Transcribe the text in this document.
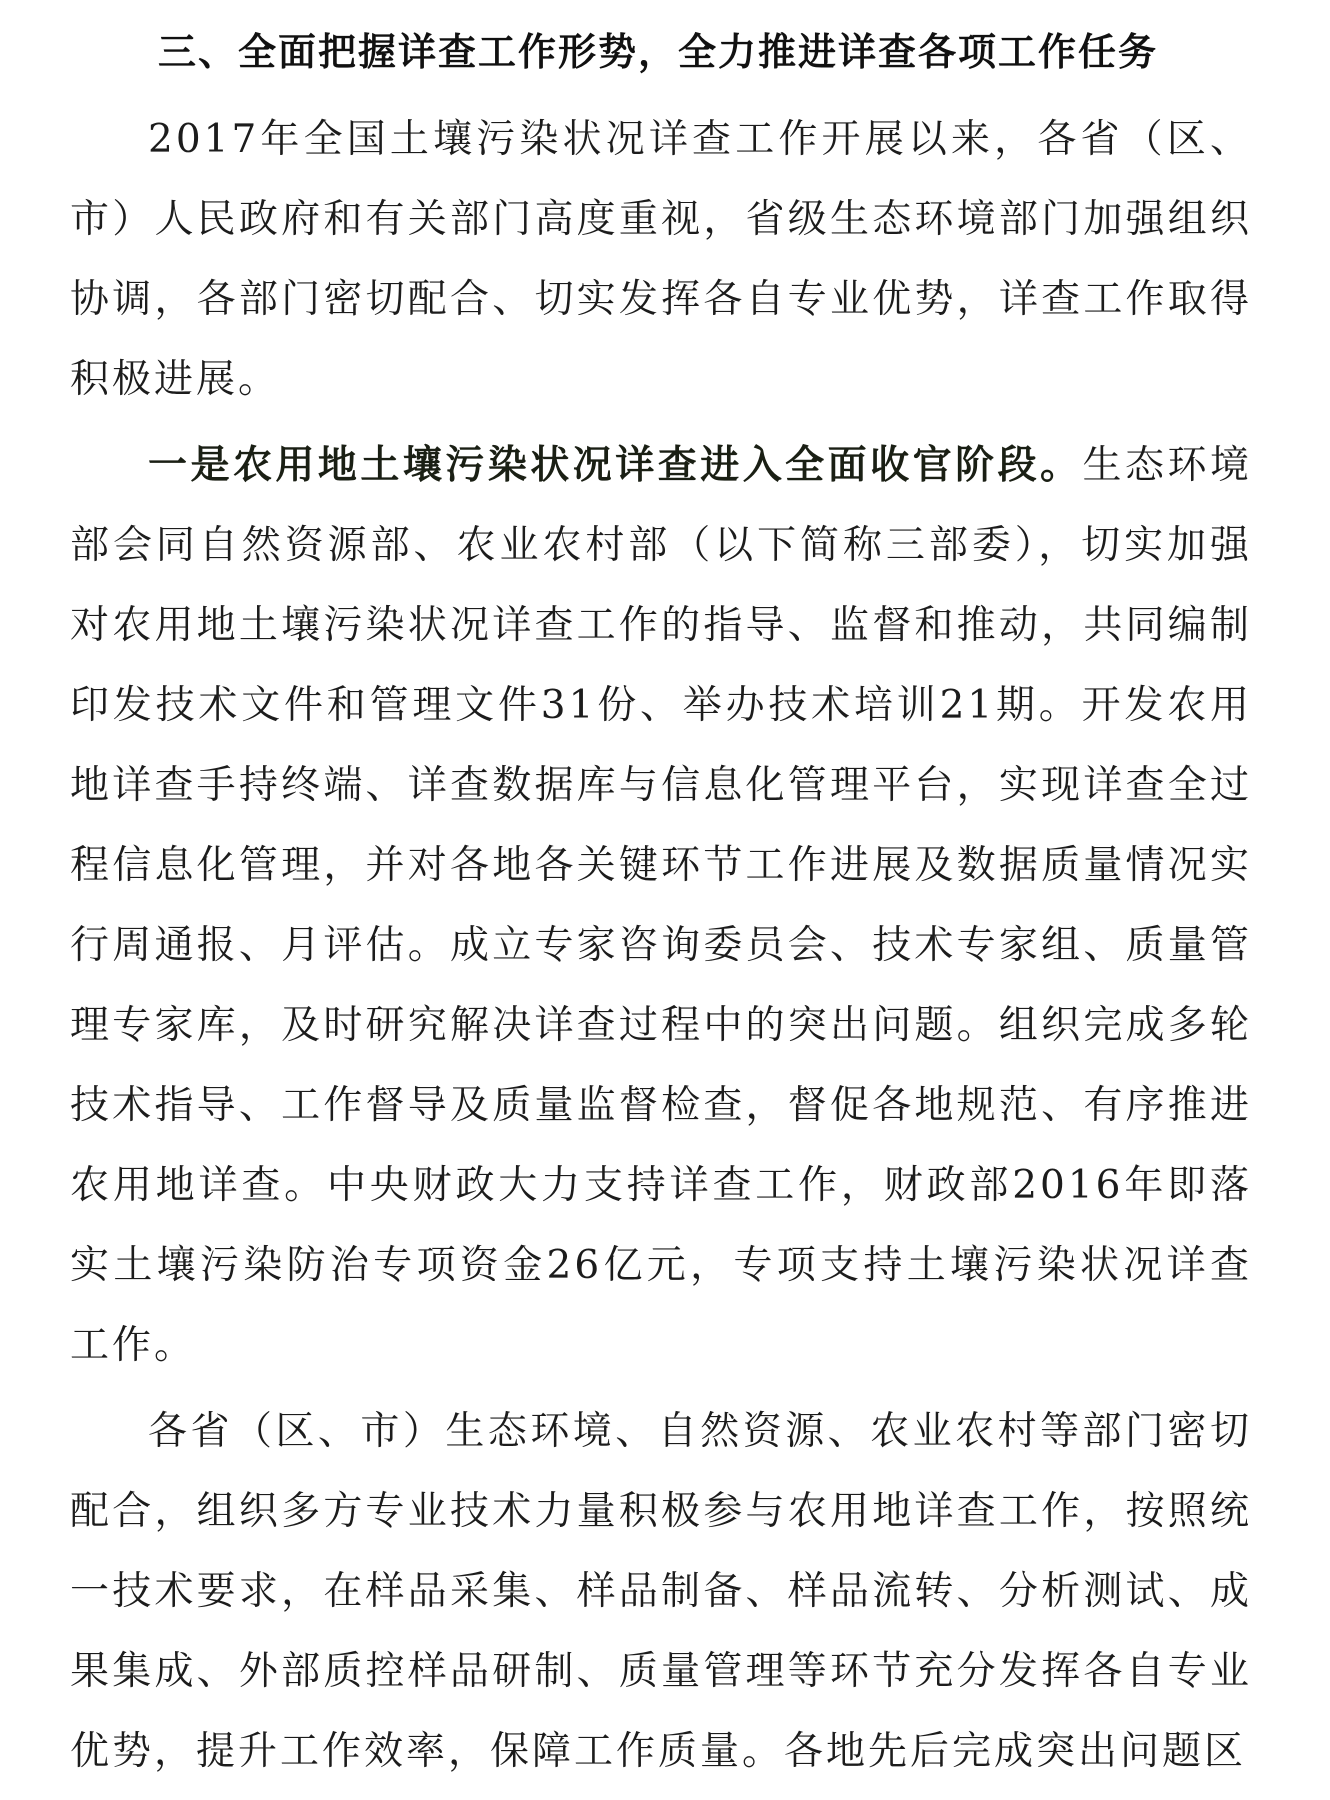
三、全面把握详查工作形势，全力推进详查各项工作任务

2017年全国土壤污染状况详查工作开展以来，各省（区、市）人民政府和有关部门高度重视，省级生态环境部门加强组织协调，各部门密切配合、切实发挥各自专业优势，详查工作取得积极进展。

一是农用地土壤污染状况详查进入全面收官阶段。生态环境部会同自然资源部、农业农村部（以下简称三部委），切实加强对农用地土壤污染状况详查工作的指导、监督和推动，共同编制印发技术文件和管理文件31份、举办技术培训21期。开发农用地详查手持终端、详查数据库与信息化管理平台，实现详查全过程信息化管理，并对各地各关键环节工作进展及数据质量情况实行周通报、月评估。成立专家咨询委员会、技术专家组、质量管理专家库，及时研究解决详查过程中的突出问题。组织完成多轮技术指导、工作督导及质量监督检查，督促各地规范、有序推进农用地详查。中央财政大力支持详查工作，财政部2016年即落实土壤污染防治专项资金26亿元，专项支持土壤污染状况详查工作。

各省（区、市）生态环境、自然资源、农业农村等部门密切配合，组织多方专业技术力量积极参与农用地详查工作，按照统一技术要求，在样品采集、样品制备、样品流转、分析测试、成果集成、外部质控样品研制、质量管理等环节充分发挥各自专业优势，提升工作效率，保障工作质量。各地先后完成突出问题区
